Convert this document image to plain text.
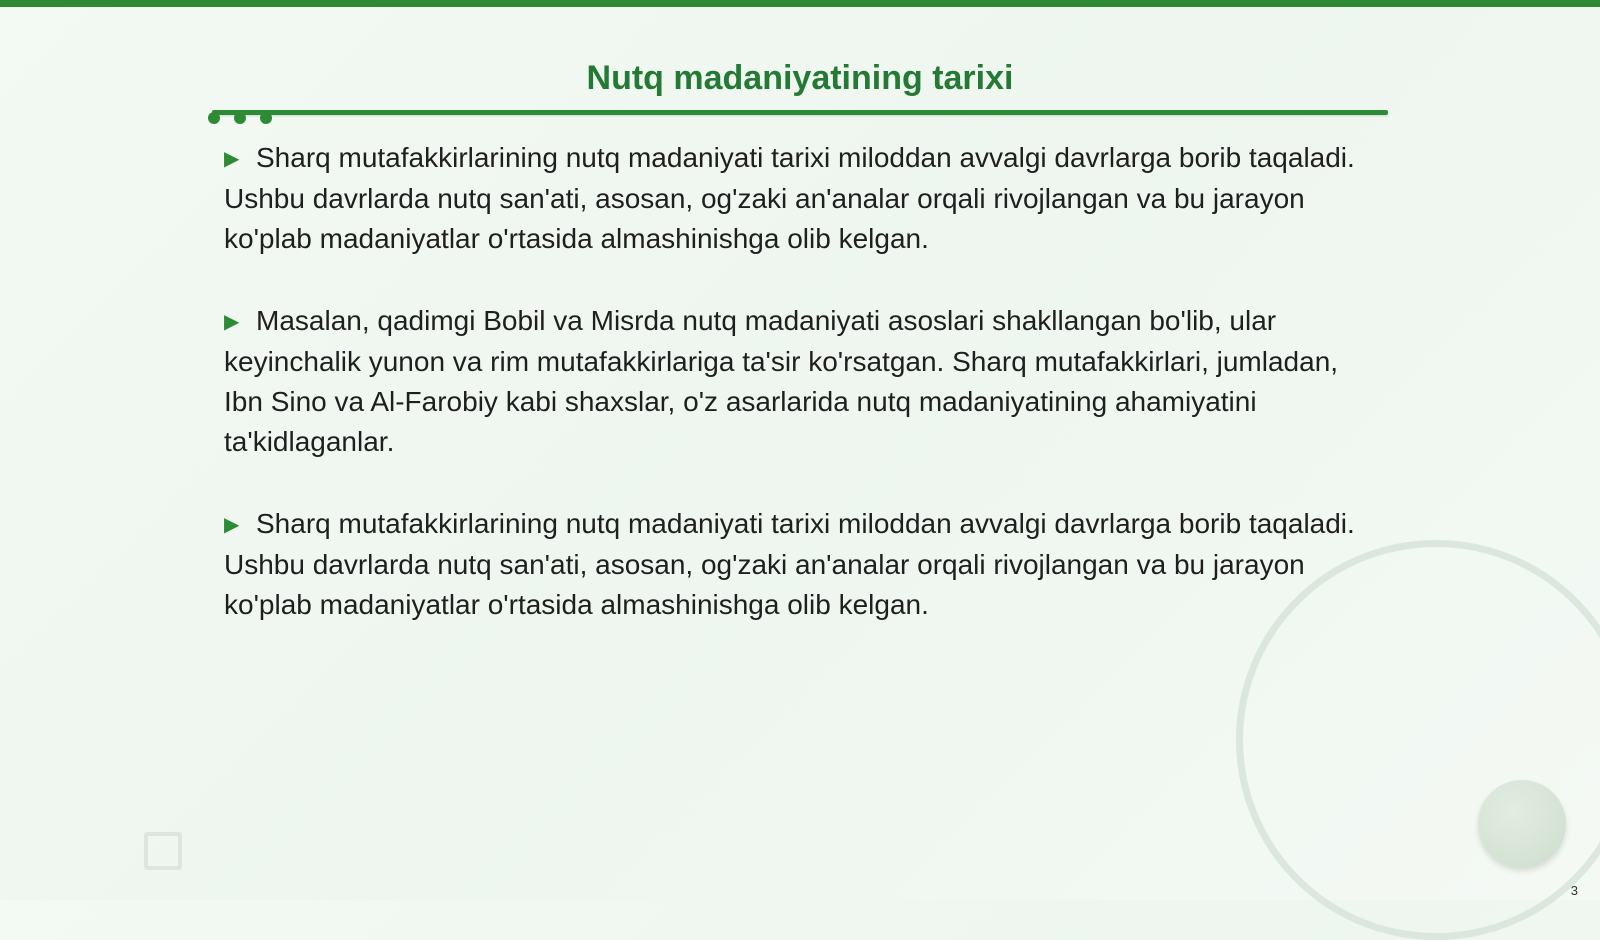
Nutq madaniyatining tarixi

▶ Sharq mutafakkirlarining nutq madaniyati tarixi miloddan avvalgi davrlarga borib taqaladi. Ushbu davrlarda nutq san'ati, asosan, og'zaki an'analar orqali rivojlangan va bu jarayon ko'plab madaniyatlar o'rtasida almashinishga olib kelgan.

▶ Masalan, qadimgi Bobil va Misrda nutq madaniyati asoslari shakllangan bo'lib, ular keyinchalik yunon va rim mutafakkirlariga ta'sir ko'rsatgan. Sharq mutafakkirlari, jumladan, Ibn Sino va Al-Farobiy kabi shaxslar, o'z asarlarida nutq madaniyatining ahamiyatini ta'kidlaganlar.

▶ Sharq mutafakkirlarining nutq madaniyati tarixi miloddan avvalgi davrlarga borib taqaladi. Ushbu davrlarda nutq san'ati, asosan, og'zaki an'analar orqali rivojlangan va bu jarayon ko'plab madaniyatlar o'rtasida almashinishga olib kelgan.

3
